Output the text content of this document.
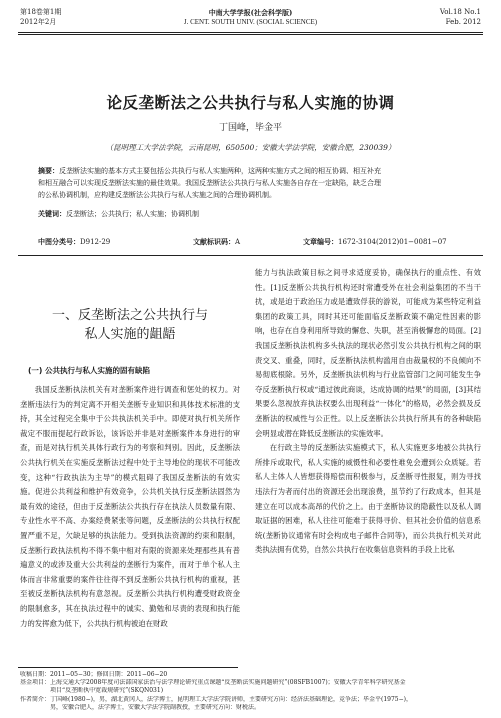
第18卷第1期
2012年2月
中南大学学报(社会科学版)
J. CENT. SOUTH UNIV. (SOCIAL SCIENCE)
Vol.18 No.1
Feb. 2012
论反垄断法之公共执行与私人实施的协调
丁国峰，毕金平
（昆明理工大学法学院，云南昆明，650500；安徽大学法学院，安徽合肥，230039）
摘要：反垄断法实施的基本方式主要包括公共执行与私人实施两种，这两种实施方式之间的相互协调、相互补充
和相互融合可以实现反垄断法实施的最佳效果。我国反垄断法公共执行与私人实施各自存在一定缺陷，缺乏合理
的公私协调机制，应构建反垄断法公共执行与私人实施之间的合理协调机制。
关键词：反垄断法；公共执行；私人实施；协调机制
中图分类号：D912-29	文献标识码：A	文章编号：1672-3104(2012)01−0081−07
一、反垄断法之公共执行与
私人实施的龃龉
(一) 公共执行与私人实施的固有缺陷

我国反垄断执法机关有对垄断案件进行调查和惩处的权力。对垄断违法行为的判定离不开相关垄断专业知识和具体技术标准的支持，其全过程完全集中于公共执法机关手中。即使对执行机关所作裁定不服而提起行政诉讼，该诉讼并非是对垄断案件本身进行的审查，而是对执行机关具体行政行为的考察和判别。因此，反垄断法公共执行机关在实施反垄断法过程中处于主导地位的现状不可能改变，这种“行政执法为主导”的模式阻碍了我国反垄断法的有效实施。促进公共利益和维护有效竞争，公共机关执行反垄断法固然为最有效的途径，但由于反垄断法公共执行存在执法人员数量有限、专业性水平不高、办案经费紧张等问题，反垄断法的公共执行权配置严重不足，欠缺足够的执法能力。受到执法资源的约束和限制，反垄断行政执法机构不得不集中相对有限的资源来处理那些具有普遍意义的或涉及重大公共利益的垄断行为案件，而对于单个私人主体而言非常重要的案件往往得不到反垄断公共执行机构的重视，甚至被反垄断执法机构有意忽视。反垄断公共执行机构遭受财政资金的限制愈多，其在执法过程中的诚实、勤勉和尽责的表现和执行能力的发挥愈为低下，公共执行机构被迫在财政

能力与执法政策目标之间寻求适度妥协，确保执行的重点性、有效性。[1]反垄断公共执行机构还时常遭受外在社会利益集团的不当干扰，或是迫于政治压力或是遭致俘获的游说，可能成为某些特定利益集团的政策工具，同时其还可能面临反垄断政策不确定性因素的影响，也存在自身利用所导致的懈怠、失职，甚至消极懈怠的局面。[2]我国反垄断执法机构多头执法的现状必然引发公共执行机构之间的职责交叉、重叠，同时，反垄断执法机构滥用自由裁量权的不良倾向不易彻底根除。另外，反垄断执法机构与行业监管部门之间可能发生争夺反垄断执行权或“通过彼此商谈，达成协调的结果”的局面，[3]其结果要么忽视放弃执法权要么出现利益“一体化”的格局，必然会损及反垄断法的权威性与公正性。以上反垄断法公共执行所具有的各种缺陷会明显或潜在降低反垄断法的实施效率。

在行政主导的反垄断法实施模式下，私人实施更多地被公共执行所排斥或取代，私人实施的威慑性和必要性难免会遭到公众质疑。若私人主体人人皆想获得赔偿而积极参与，反垄断寻性报复，则为寻找违法行为者而付出的资源还会出现浪费，虽节约了行政成本，但其是建立在可以成本高昂的代价之上。由于垄断协议的隐蔽性以及私人调取证据的困难，私人往往可能难于获得寻价、但其社会价值的信息系统(垄断协议通常有时会构成电子邮件合同等)，而公共执行机关对此类执法拥有优势，自然公共执行在收集信息资料的手段上比私

收稿日期：2011−05−30；修回日期：2011−06−20
基金项目：上海交通大学2008年度司法部国家法治与法学理论研究重点课题“反垄断法实施问题研究”(08SFB1007)；安徽大学青年科学研究基金
项目“反垄断执中宽裁规研究”(SKQN031)
作者简介：丁国峰(1980−)，男，湖北黄冈人，法学博士，昆明理工大学法学院讲师，主要研究方向：经济法基础理论，竞争法；毕金平(1975−)，
男，安徽合肥人，法学博士，安徽大学法学院副教授，主要研究方向：财税法。
